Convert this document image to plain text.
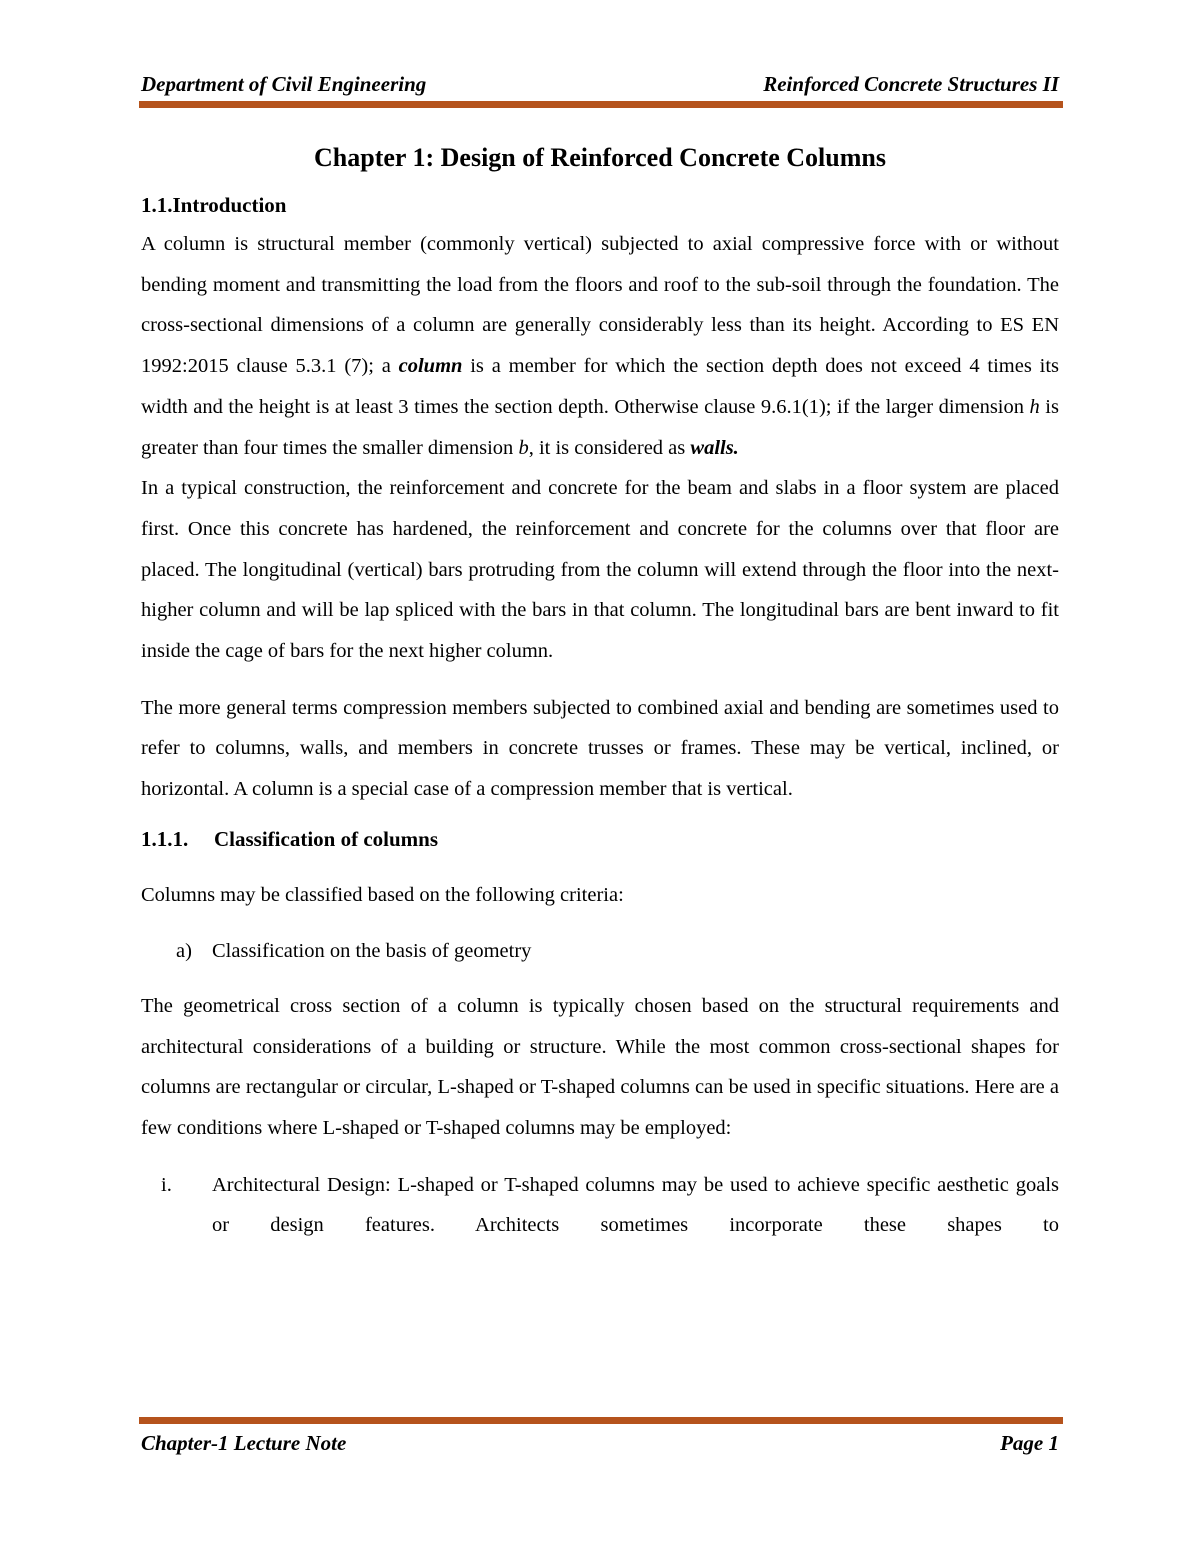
Department of Civil Engineering	Reinforced Concrete Structures II
Chapter 1: Design of Reinforced Concrete Columns
1.1.Introduction

A column is structural member (commonly vertical) subjected to axial compressive force with or without bending moment and transmitting the load from the floors and roof to the sub-soil through the foundation. The cross-sectional dimensions of a column are generally considerably less than its height. According to ES EN 1992:2015 clause 5.3.1 (7); a column is a member for which the section depth does not exceed 4 times its width and the height is at least 3 times the section depth. Otherwise clause 9.6.1(1); if the larger dimension h is greater than four times the smaller dimension b, it is considered as walls.

In a typical construction, the reinforcement and concrete for the beam and slabs in a floor system are placed first. Once this concrete has hardened, the reinforcement and concrete for the columns over that floor are placed. The longitudinal (vertical) bars protruding from the column will extend through the floor into the next-higher column and will be lap spliced with the bars in that column. The longitudinal bars are bent inward to fit inside the cage of bars for the next higher column.

The more general terms compression members subjected to combined axial and bending are sometimes used to refer to columns, walls, and members in concrete trusses or frames. These may be vertical, inclined, or horizontal. A column is a special case of a compression member that is vertical.

1.1.1.	Classification of columns

Columns may be classified based on the following criteria:

a) Classification on the basis of geometry

The geometrical cross section of a column is typically chosen based on the structural requirements and architectural considerations of a building or structure. While the most common cross-sectional shapes for columns are rectangular or circular, L-shaped or T-shaped columns can be used in specific situations. Here are a few conditions where L-shaped or T-shaped columns may be employed:

i.	Architectural Design: L-shaped or T-shaped columns may be used to achieve specific aesthetic goals or design features. Architects sometimes incorporate these shapes to

Chapter-1 Lecture Note	Page 1
